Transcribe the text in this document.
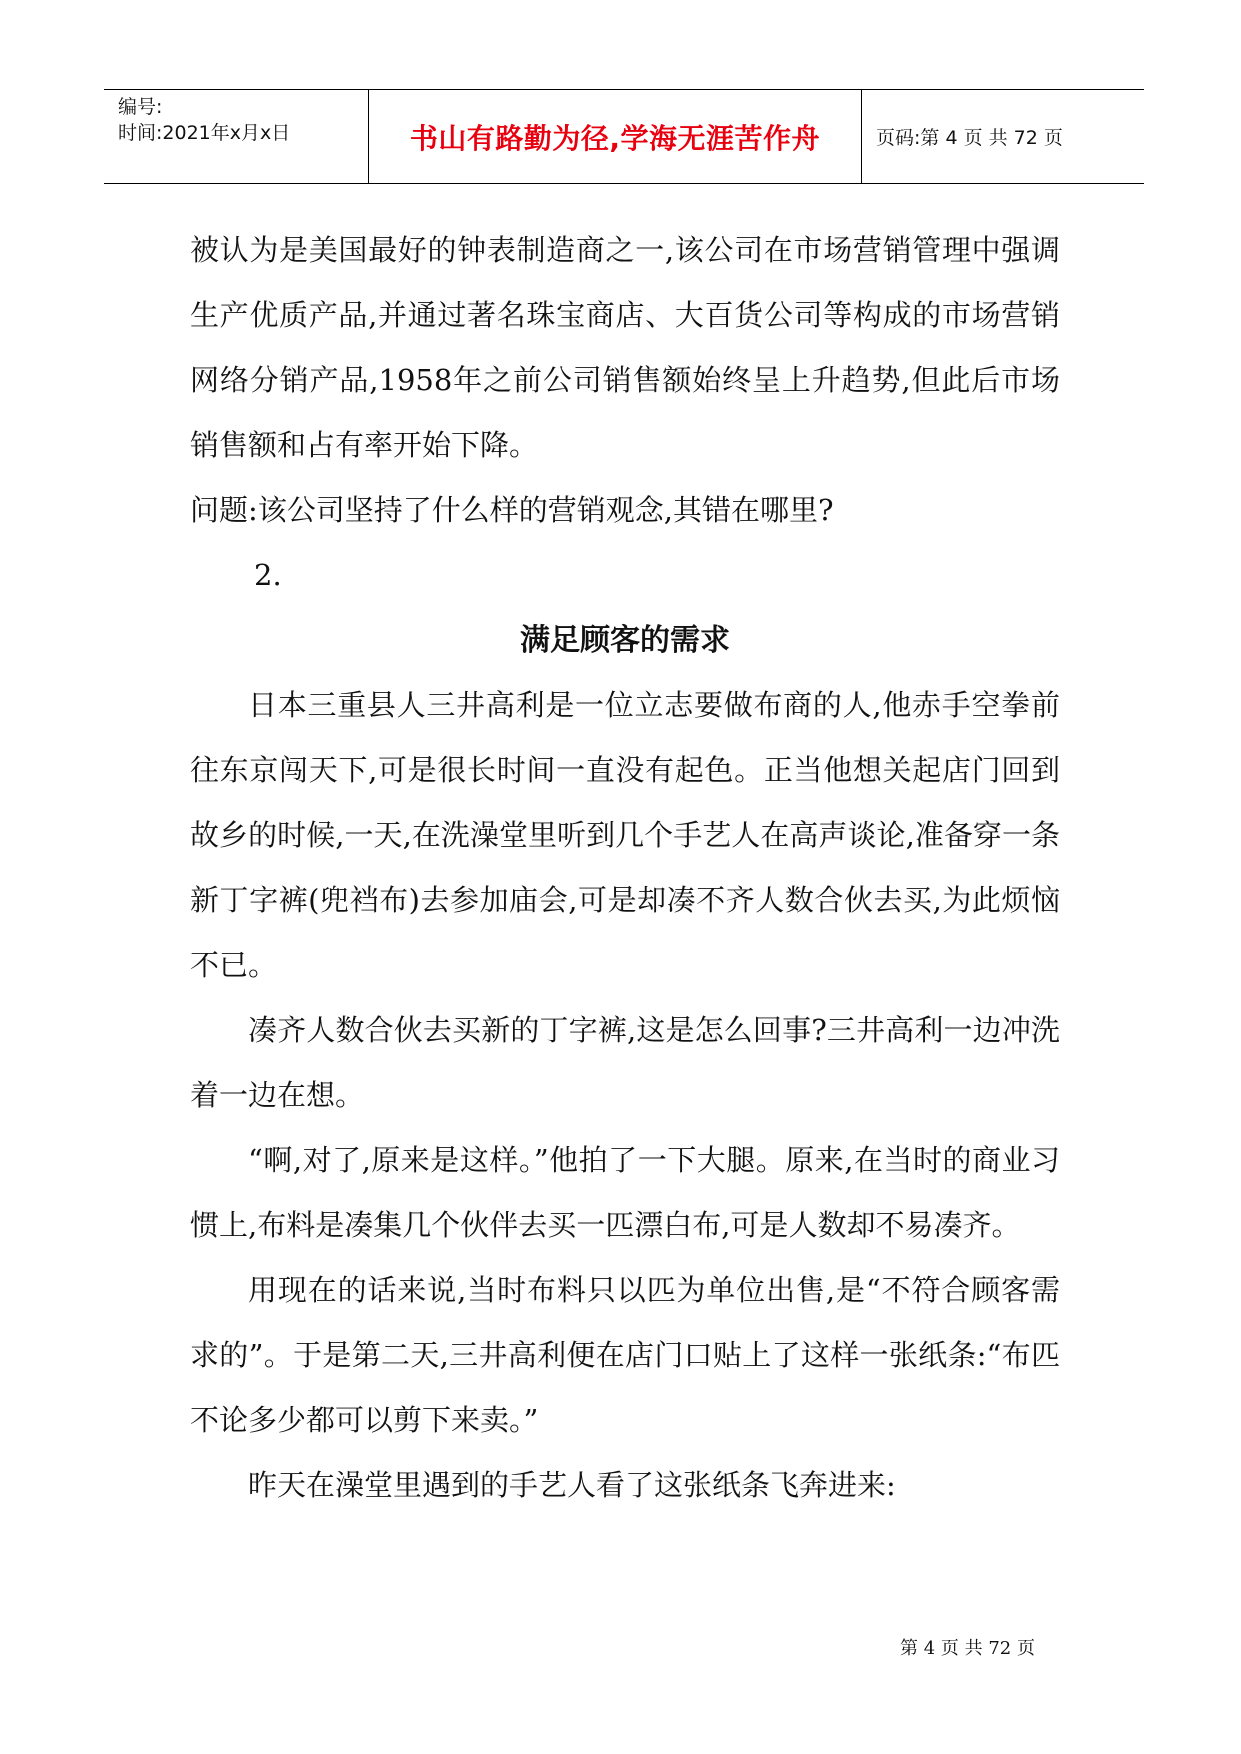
编号:
时间:2021年x月x日	书山有路勤为径,学海无涯苦作舟	页码:第 4 页 共 72 页

被认为是美国最好的钟表制造商之一,该公司在市场营销管理中强调生产优质产品,并通过著名珠宝商店、大百货公司等构成的市场营销网络分销产品,1958年之前公司销售额始终呈上升趋势,但此后市场销售额和占有率开始下降。

问题:该公司坚持了什么样的营销观念,其错在哪里?

2.

满足顾客的需求

日本三重县人三井高利是一位立志要做布商的人,他赤手空拳前往东京闯天下,可是很长时间一直没有起色。正当他想关起店门回到故乡的时候,一天,在洗澡堂里听到几个手艺人在高声谈论,准备穿一条新丁字裤(兜裆布)去参加庙会,可是却凑不齐人数合伙去买,为此烦恼不已。

凑齐人数合伙去买新的丁字裤,这是怎么回事?三井高利一边冲洗着一边在想。

“啊,对了,原来是这样。”他拍了一下大腿。原来,在当时的商业习惯上,布料是凑集几个伙伴去买一匹漂白布,可是人数却不易凑齐。

用现在的话来说,当时布料只以匹为单位出售,是“不符合顾客需求的”。于是第二天,三井高利便在店门口贴上了这样一张纸条:“布匹不论多少都可以剪下来卖。”

昨天在澡堂里遇到的手艺人看了这张纸条飞奔进来:

第 4 页 共 72 页
